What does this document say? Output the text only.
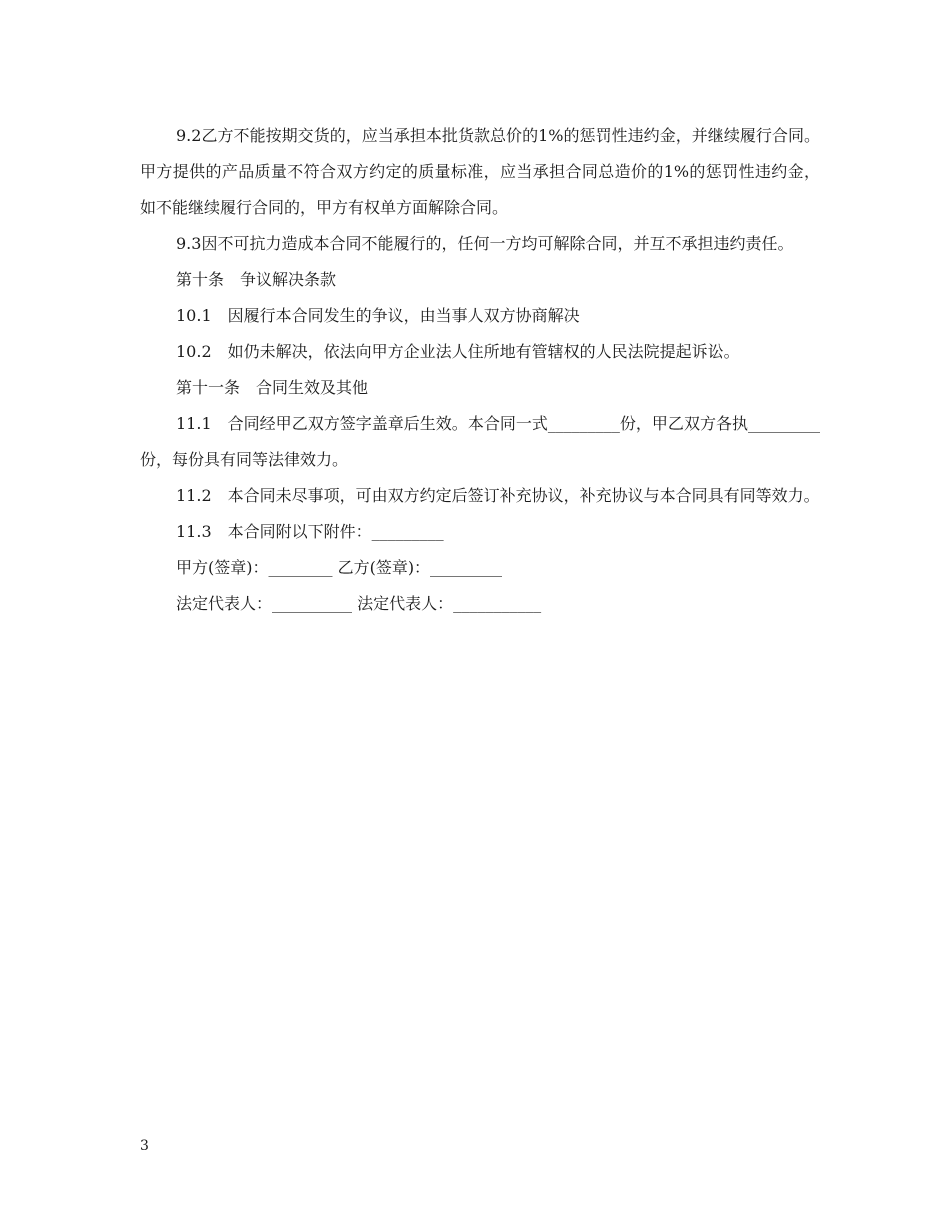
9.2乙方不能按期交货的，应当承担本批货款总价的1%的惩罚性违约金，并继续履行合同。甲方提供的产品质量不符合双方约定的质量标准，应当承担合同总造价的1%的惩罚性违约金，如不能继续履行合同的，甲方有权单方面解除合同。

9.3因不可抗力造成本合同不能履行的，任何一方均可解除合同，并互不承担违约责任。

第十条　争议解决条款

10.1　因履行本合同发生的争议，由当事人双方协商解决

10.2　如仍未解决，依法向甲方企业法人住所地有管辖权的人民法院提起诉讼。

第十一条　合同生效及其他

11.1　合同经甲乙双方签字盖章后生效。本合同一式_________份，甲乙双方各执_________份，每份具有同等法律效力。

11.2　本合同未尽事项，可由双方约定后签订补充协议，补充协议与本合同具有同等效力。

11.3　本合同附以下附件：_________

甲方(签章)：________ 乙方(签章)：_________

法定代表人：__________ 法定代表人：___________

3
